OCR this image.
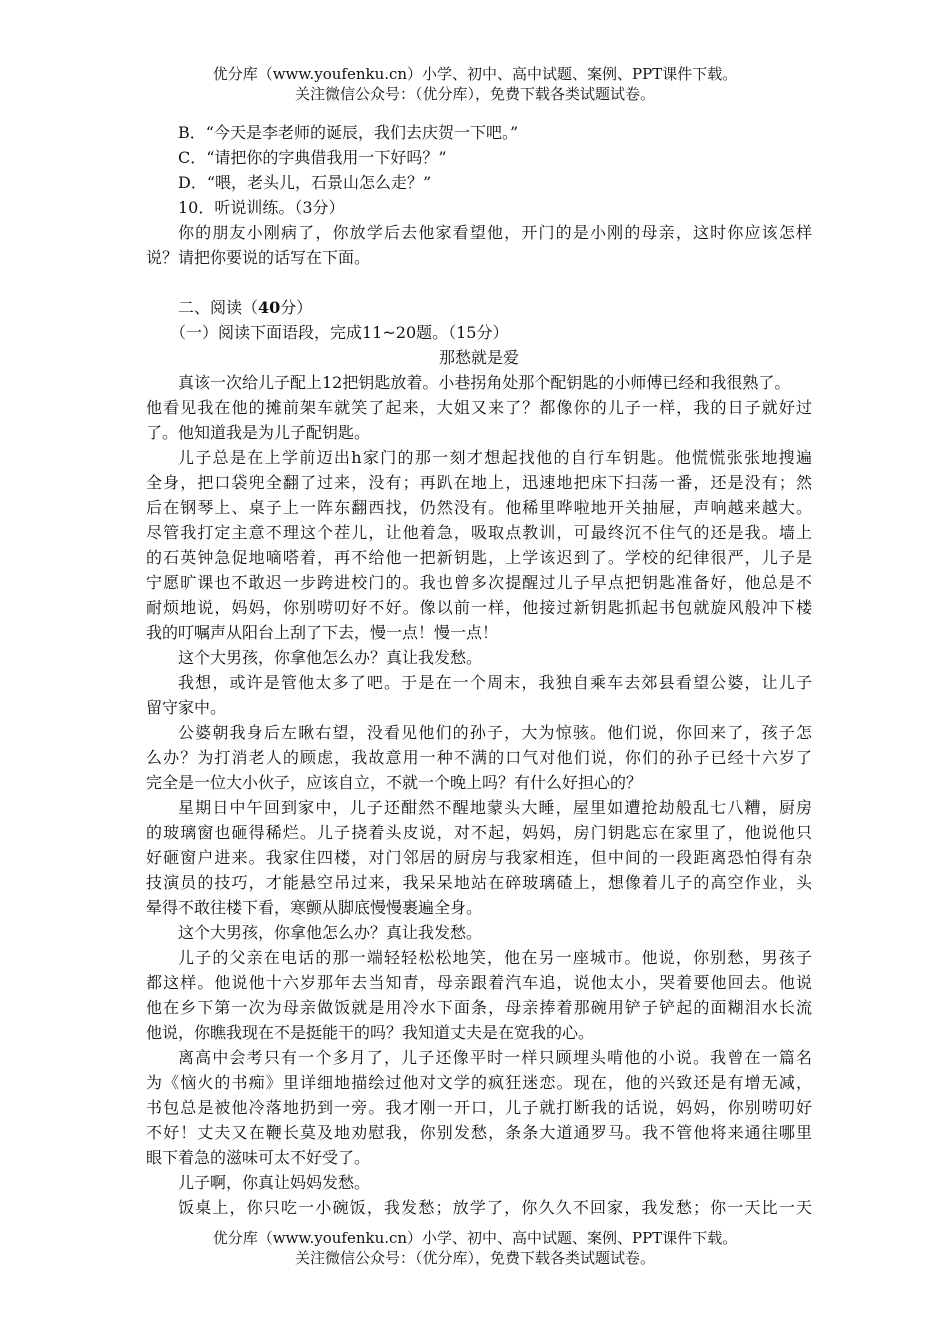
优分库（www.youfenku.cn）小学、初中、高中试题、案例、PPT课件下载。
关注微信公众号：（优分库），免费下载各类试题试卷。
B．“今天是李老师的诞辰，我们去庆贺一下吧。”
C．“请把你的字典借我用一下好吗？”
D．“喂，老头儿，石景山怎么走？”
10．听说训练。（3分）
你的朋友小刚病了，你放学后去他家看望他，开门的是小刚的母亲，这时你应该怎样
说？请把你要说的话写在下面。
二、阅读（40分）
（一）阅读下面语段，完成11~20题。（15分）
那愁就是爱
真该一次给儿子配上12把钥匙放着。小巷拐角处那个配钥匙的小师傅已经和我很熟了。
他看见我在他的摊前架车就笑了起来，大姐又来了？都像你的儿子一样，我的日子就好过
了。他知道我是为儿子配钥匙。
儿子总是在上学前迈出h家门的那一刻才想起找他的自行车钥匙。他慌慌张张地搜遍
全身，把口袋兜全翻了过来，没有；再趴在地上，迅速地把床下扫荡一番，还是没有；然
后在钢琴上、桌子上一阵东翻西找，仍然没有。他稀里哗啦地开关抽屉，声响越来越大。
尽管我打定主意不理这个茬儿，让他着急，吸取点教训，可最终沉不住气的还是我。墙上
的石英钟急促地嘀嗒着，再不给他一把新钥匙，上学该迟到了。学校的纪律很严，儿子是
宁愿旷课也不敢迟一步跨进校门的。我也曾多次提醒过儿子早点把钥匙准备好，他总是不
耐烦地说，妈妈，你别唠叨好不好。像以前一样，他接过新钥匙抓起书包就旋风般冲下楼
我的叮嘱声从阳台上刮了下去，慢一点！慢一点！
这个大男孩，你拿他怎么办？真让我发愁。
我想，或许是管他太多了吧。于是在一个周末，我独自乘车去郊县看望公婆，让儿子
留守家中。
公婆朝我身后左瞅右望，没看见他们的孙子，大为惊骇。他们说，你回来了，孩子怎
么办？为打消老人的顾虑，我故意用一种不满的口气对他们说，你们的孙子已经十六岁了
完全是一位大小伙子，应该自立，不就一个晚上吗？有什么好担心的？
星期日中午回到家中，儿子还酣然不醒地蒙头大睡，屋里如遭抢劫般乱七八糟，厨房
的玻璃窗也砸得稀烂。儿子挠着头皮说，对不起，妈妈，房门钥匙忘在家里了，他说他只
好砸窗户进来。我家住四楼，对门邻居的厨房与我家相连，但中间的一段距离恐怕得有杂
技演员的技巧，才能悬空吊过来，我呆呆地站在碎玻璃碴上，想像着儿子的高空作业，头
晕得不敢往楼下看，寒颤从脚底慢慢裹遍全身。
这个大男孩，你拿他怎么办？真让我发愁。
儿子的父亲在电话的那一端轻轻松松地笑，他在另一座城市。他说，你别愁，男孩子
都这样。他说他十六岁那年去当知青，母亲跟着汽车追，说他太小，哭着要他回去。他说
他在乡下第一次为母亲做饭就是用冷水下面条，母亲捧着那碗用铲子铲起的面糊泪水长流
他说，你瞧我现在不是挺能干的吗？我知道丈夫是在宽我的心。
离高中会考只有一个多月了，儿子还像平时一样只顾埋头啃他的小说。我曾在一篇名
为《恼火的书痴》里详细地描绘过他对文学的疯狂迷恋。现在，他的兴致还是有增无减，
书包总是被他冷落地扔到一旁。我才刚一开口，儿子就打断我的话说，妈妈，你别唠叨好
不好！丈夫又在鞭长莫及地劝慰我，你别发愁，条条大道通罗马。我不管他将来通往哪里
眼下着急的滋味可太不好受了。
儿子啊，你真让妈妈发愁。
饭桌上，你只吃一小碗饭，我发愁；放学了，你久久不回家，我发愁；你一天比一天
优分库（www.youfenku.cn）小学、初中、高中试题、案例、PPT课件下载。
关注微信公众号：（优分库），免费下载各类试题试卷。
